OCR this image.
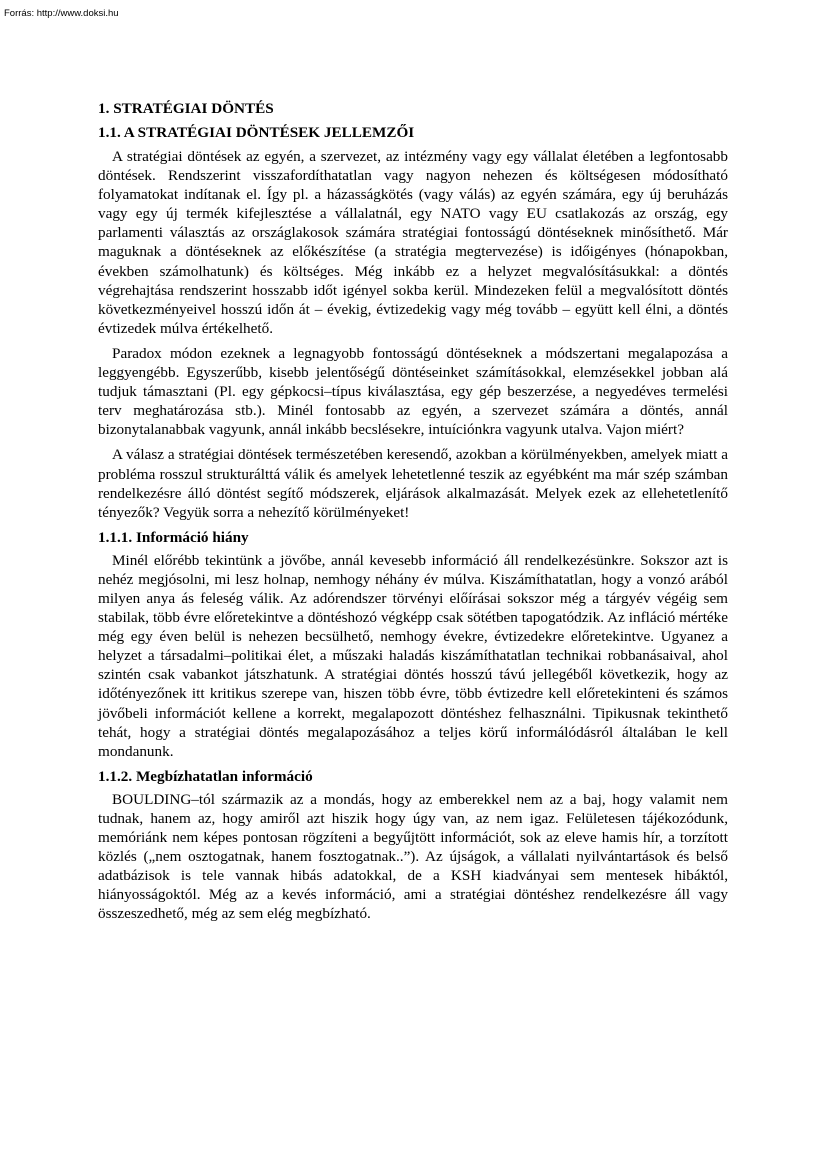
Forrás: http://www.doksi.hu
1. STRATÉGIAI DÖNTÉS
1.1. A STRATÉGIAI DÖNTÉSEK JELLEMZŐI

A stratégiai döntések az egyén, a szervezet, az intézmény vagy egy vállalat életében a legfontosabb döntések. Rendszerint visszafordíthatatlan vagy nagyon nehezen és költségesen módosítható folyamatokat indítanak el. Így pl. a házasságkötés (vagy válás) az egyén számára, egy új beruházás vagy egy új termék kifejlesztése a vállalatnál, egy NATO vagy EU csatlakozás az ország, egy parlamenti választás az országlakosok számára stratégiai fontosságú döntéseknek minősíthető. Már maguknak a döntéseknek az előkészítése (a stratégia megtervezése) is időigényes (hónapokban, években számolhatunk) és költséges. Még inkább ez a helyzet megvalósításukkal: a döntés végrehajtása rendszerint hosszabb időt igényel sokba kerül. Mindezeken felül a megvalósított döntés következményeivel hosszú időn át – évekig, évtizedekig vagy még tovább – együtt kell élni, a döntés évtizedek múlva értékelhető.

Paradox módon ezeknek a legnagyobb fontosságú döntéseknek a módszertani megalapozása a leggyengébb. Egyszerűbb, kisebb jelentőségű döntéseinket számításokkal, elemzésekkel jobban alá tudjuk támasztani (Pl. egy gépkocsi–típus kiválasztása, egy gép beszerzése, a negyedéves termelési terv meghatározása stb.). Minél fontosabb az egyén, a szervezet számára a döntés, annál bizonytalanabbak vagyunk, annál inkább becslésekre, intuíciónkra vagyunk utalva. Vajon miért?

A válasz a stratégiai döntések természetében keresendő, azokban a körülményekben, amelyek miatt a probléma rosszul strukturálttá válik és amelyek lehetetlenné teszik az egyébként ma már szép számban rendelkezésre álló döntést segítő módszerek, eljárások alkalmazását. Melyek ezek az ellehetetlenítő tényezők? Vegyük sorra a nehezítő körülményeket!

1.1.1. Információ hiány

Minél előrébb tekintünk a jövőbe, annál kevesebb információ áll rendelkezésünkre. Sokszor azt is nehéz megjósolni, mi lesz holnap, nemhogy néhány év múlva. Kiszámíthatatlan, hogy a vonzó arából milyen anya ás feleség válik. Az adórendszer törvényi előírásai sokszor még a tárgyév végéig sem stabilak, több évre előretekintve a döntéshozó végképp csak sötétben tapogatódzik. Az infláció mértéke még egy éven belül is nehezen becsülhető, nemhogy évekre, évtizedekre előretekintve. Ugyanez a helyzet a társadalmi–politikai élet, a műszaki haladás kiszámíthatatlan technikai robbanásaival, ahol szintén csak vabankot játszhatunk. A stratégiai döntés hosszú távú jellegéből következik, hogy az időtényezőnek itt kritikus szerepe van, hiszen több évre, több évtizedre kell előretekinteni és számos jövőbeli információt kellene a korrekt, megalapozott döntéshez felhasználni. Tipikusnak tekinthető tehát, hogy a stratégiai döntés megalapozásához a teljes körű informálódásról általában le kell mondanunk.

1.1.2. Megbízhatatlan információ

BOULDING–tól származik az a mondás, hogy az emberekkel nem az a baj, hogy valamit nem tudnak, hanem az, hogy amiről azt hiszik hogy úgy van, az nem igaz. Felületesen tájékozódunk, memóriánk nem képes pontosan rögzíteni a begyűjtött információt, sok az eleve hamis hír, a torzított közlés („nem osztogatnak, hanem fosztogatnak..”). Az újságok, a vállalati nyilvántartások és belső adatbázisok is tele vannak hibás adatokkal, de a KSH kiadványai sem mentesek hibáktól, hiányosságoktól. Még az a kevés információ, ami a stratégiai döntéshez rendelkezésre áll vagy összeszedhető, még az sem elég megbízható.
